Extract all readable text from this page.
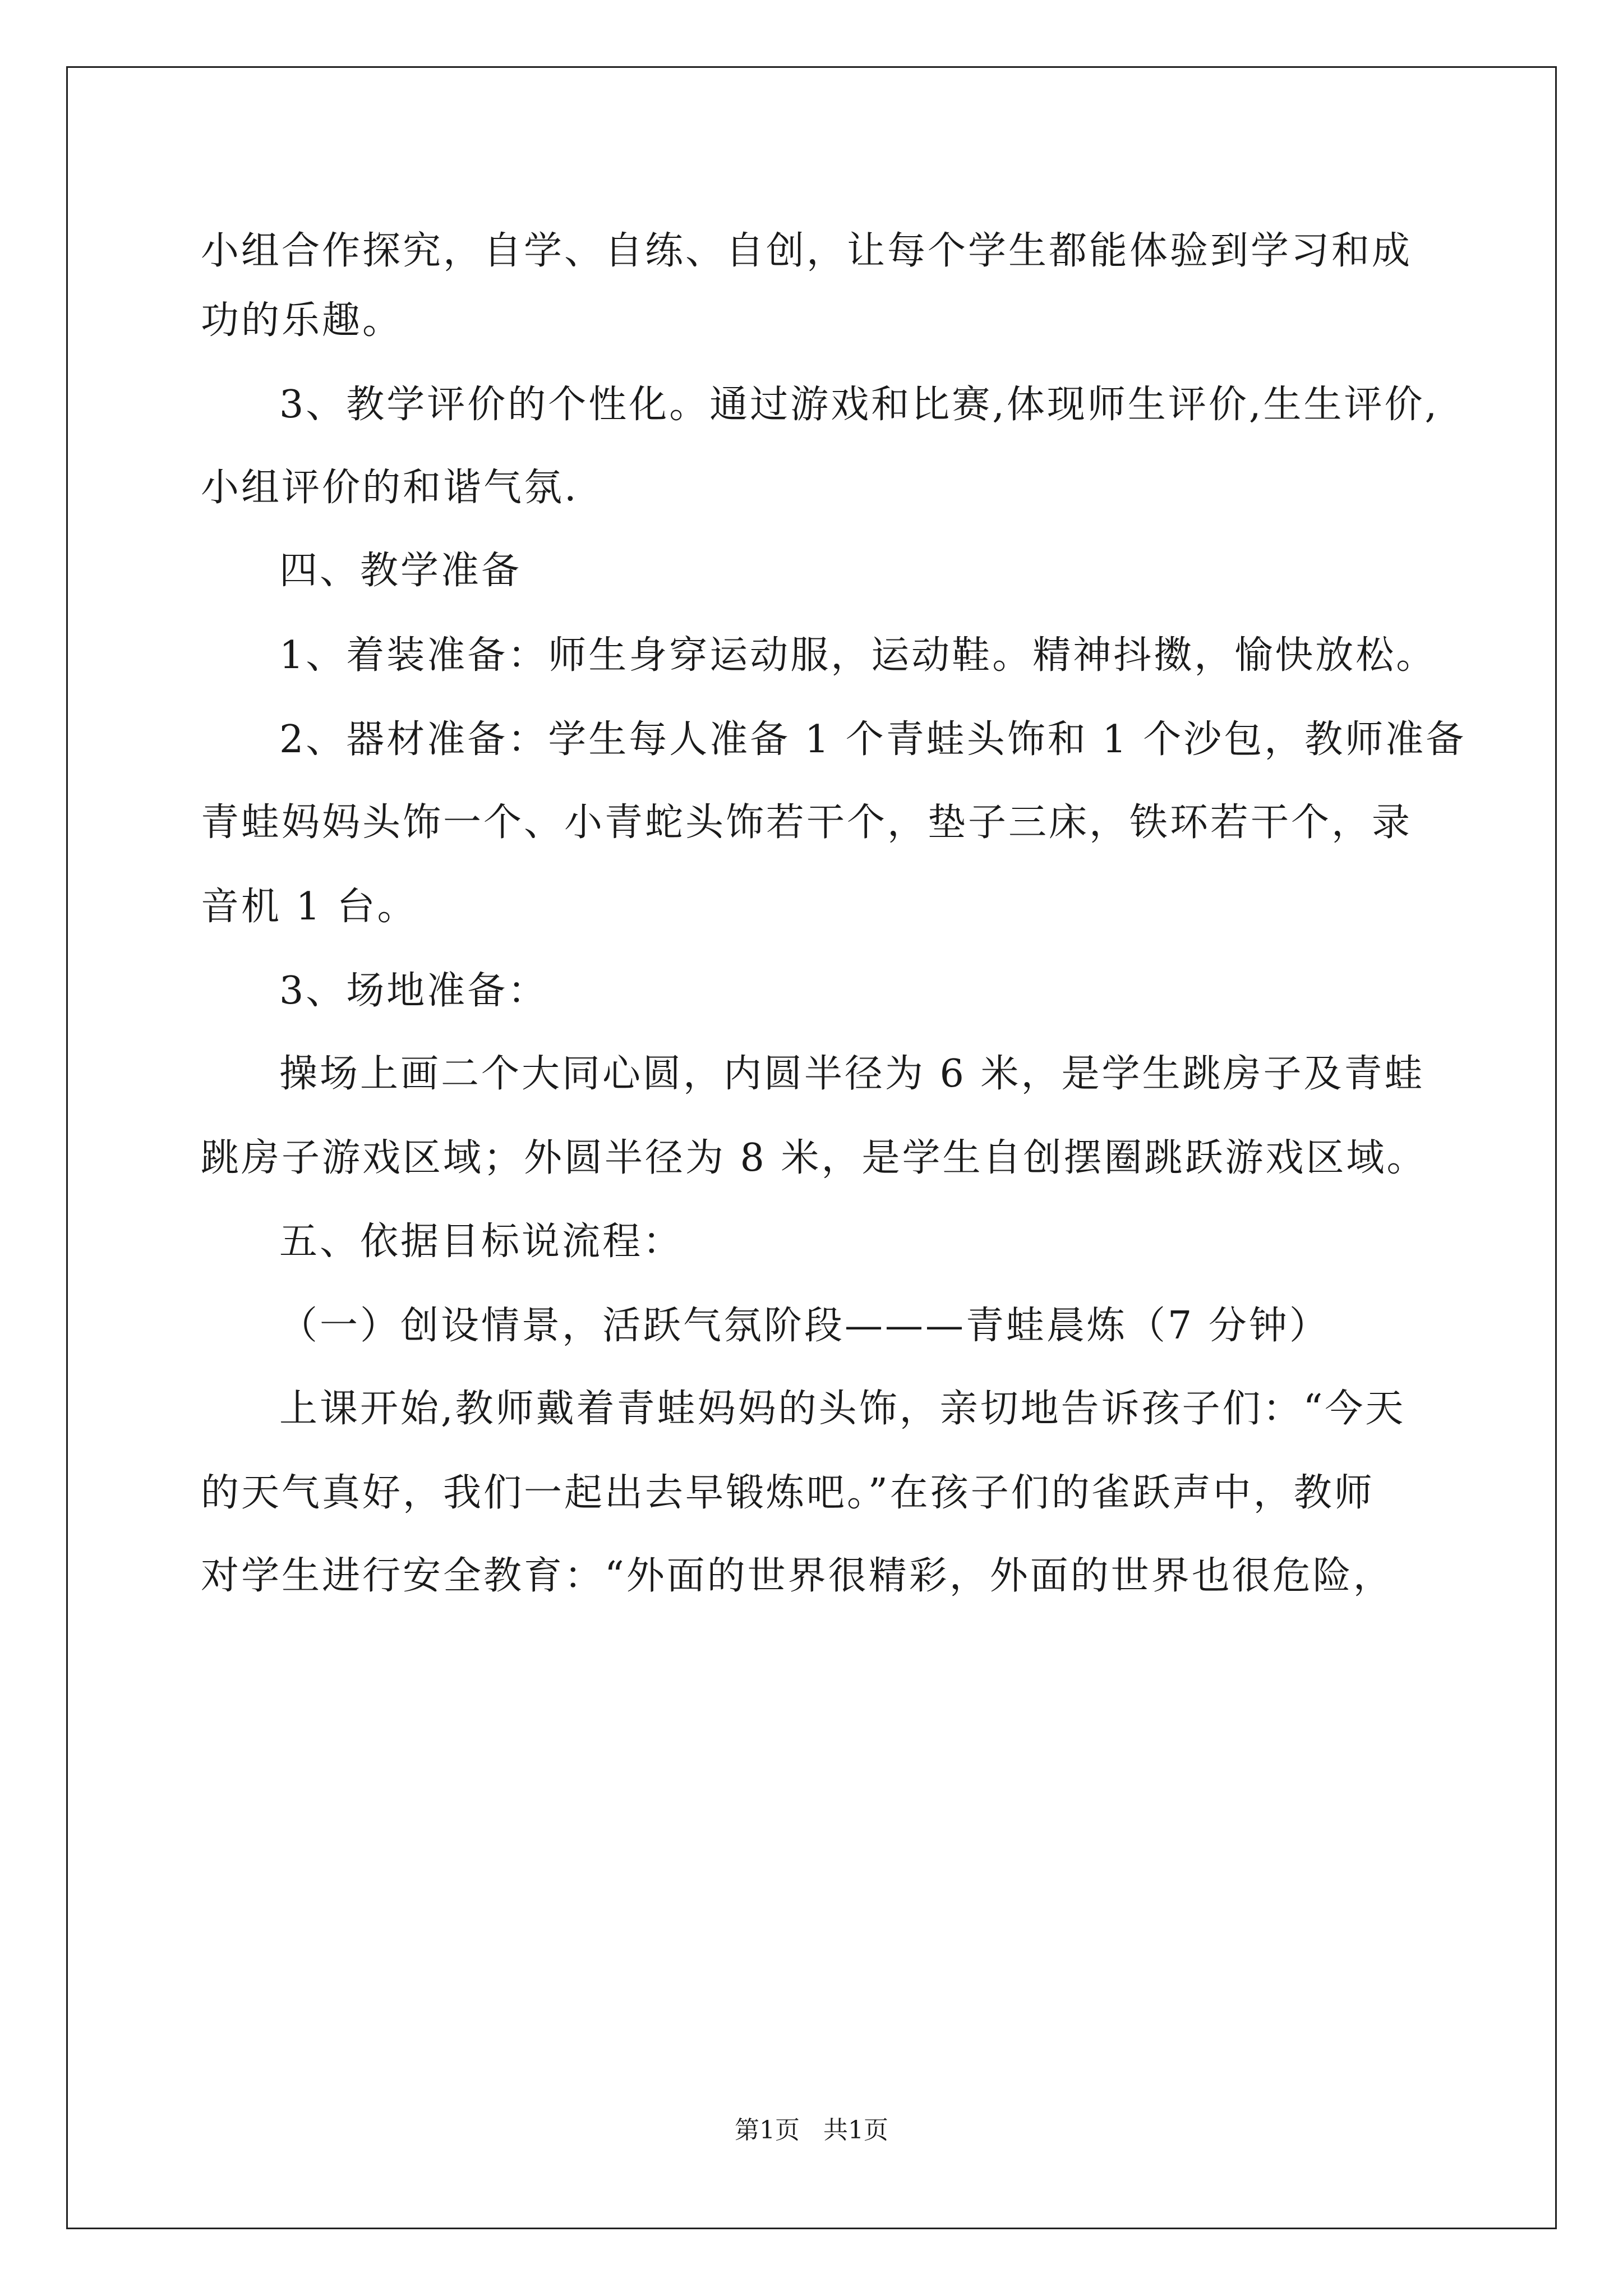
小组合作探究，自学、自练、自创，让每个学生都能体验到学习和成
功的乐趣。
3、教学评价的个性化。通过游戏和比赛,体现师生评价,生生评价,
小组评价的和谐气氛.
四、教学准备
1、着装准备：师生身穿运动服，运动鞋。精神抖擞，愉快放松。
2、器材准备：学生每人准备 1 个青蛙头饰和 1 个沙包，教师准备
青蛙妈妈头饰一个、小青蛇头饰若干个，垫子三床，铁环若干个，录
音机 1 台。
3、场地准备：
操场上画二个大同心圆，内圆半径为 6 米，是学生跳房子及青蛙
跳房子游戏区域；外圆半径为 8 米，是学生自创摆圈跳跃游戏区域。
五、依据目标说流程：
（一）创设情景，活跃气氛阶段———青蛙晨炼（7 分钟）
上课开始,教师戴着青蛙妈妈的头饰，亲切地告诉孩子们：“今天
的天气真好，我们一起出去早锻炼吧。”在孩子们的雀跃声中，教师
对学生进行安全教育：“外面的世界很精彩，外面的世界也很危险，
第1页   共1页
